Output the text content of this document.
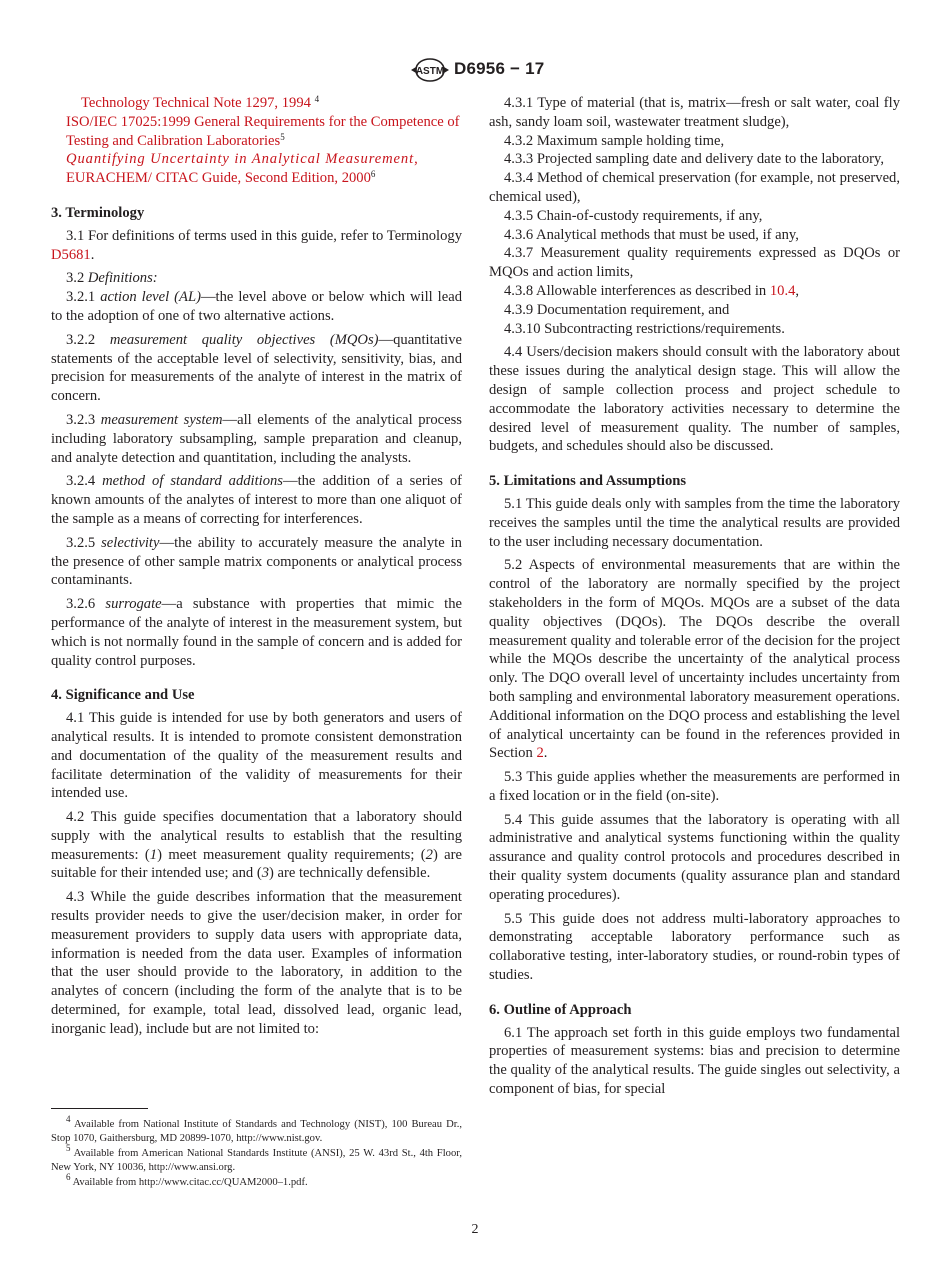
ASTM D6956 − 17

Technology Technical Note 1297, 1994 $^4$

ISO/IEC 17025:1999 General Requirements for the Competence of Testing and Calibration Laboratories$^5$

Quantifying Uncertainty in Analytical Measurement, EURACHEM/ CITAC Guide, Second Edition, 2000$^6$

3. Terminology

3.1 For definitions of terms used in this guide, refer to Terminology D5681.

3.2 Definitions:

3.2.1 action level (AL)—the level above or below which will lead to the adoption of one of two alternative actions.

3.2.2 measurement quality objectives (MQOs)—quantitative statements of the acceptable level of selectivity, sensitivity, bias, and precision for measurements of the analyte of interest in the matrix of concern.

3.2.3 measurement system—all elements of the analytical process including laboratory subsampling, sample preparation and cleanup, and analyte detection and quantitation, including the analysts.

3.2.4 method of standard additions—the addition of a series of known amounts of the analytes of interest to more than one aliquot of the sample as a means of correcting for interferences.

3.2.5 selectivity—the ability to accurately measure the analyte in the presence of other sample matrix components or analytical process contaminants.

3.2.6 surrogate—a substance with properties that mimic the performance of the analyte of interest in the measurement system, but which is not normally found in the sample of concern and is added for quality control purposes.

4. Significance and Use

4.1 This guide is intended for use by both generators and users of analytical results. It is intended to promote consistent demonstration and documentation of the quality of the measurement results and facilitate determination of the validity of measurements for their intended use.

4.2 This guide specifies documentation that a laboratory should supply with the analytical results to establish that the resulting measurements: (1) meet measurement quality requirements; (2) are suitable for their intended use; and (3) are technically defensible.

4.3 While the guide describes information that the measurement results provider needs to give the user/decision maker, in order for measurement providers to supply data users with appropriate data, information is needed from the data user. Examples of information that the user should provide to the laboratory, in addition to the analytes of concern (including the form of the analyte that is to be determined, for example, total lead, dissolved lead, organic lead, inorganic lead), include but are not limited to:

$^4$ Available from National Institute of Standards and Technology (NIST), 100 Bureau Dr., Stop 1070, Gaithersburg, MD 20899-1070, http://www.nist.gov.
$^5$ Available from American National Standards Institute (ANSI), 25 W. 43rd St., 4th Floor, New York, NY 10036, http://www.ansi.org.
$^6$ Available from http://www.citac.cc/QUAM2000–1.pdf.

4.3.1 Type of material (that is, matrix—fresh or salt water, coal fly ash, sandy loam soil, wastewater treatment sludge),

4.3.2 Maximum sample holding time,

4.3.3 Projected sampling date and delivery date to the laboratory,

4.3.4 Method of chemical preservation (for example, not preserved, chemical used),

4.3.5 Chain-of-custody requirements, if any,

4.3.6 Analytical methods that must be used, if any,

4.3.7 Measurement quality requirements expressed as DQOs or MQOs and action limits,

4.3.8 Allowable interferences as described in 10.4,

4.3.9 Documentation requirement, and

4.3.10 Subcontracting restrictions/requirements.

4.4 Users/decision makers should consult with the laboratory about these issues during the analytical design stage. This will allow the design of sample collection process and project schedule to accommodate the laboratory activities necessary to determine the desired level of measurement quality. The number of samples, budgets, and schedules should also be discussed.

5. Limitations and Assumptions

5.1 This guide deals only with samples from the time the laboratory receives the samples until the time the analytical results are provided to the user including necessary documentation.

5.2 Aspects of environmental measurements that are within the control of the laboratory are normally specified by the project stakeholders in the form of MQOs. MQOs are a subset of the data quality objectives (DQOs). The DQOs describe the overall measurement quality and tolerable error of the decision for the project while the MQOs describe the uncertainty of the analytical process only. The DQO overall level of uncertainty includes uncertainty from both sampling and environmental laboratory measurement operations. Additional information on the DQO process and establishing the level of analytical uncertainty can be found in the references provided in Section 2.

5.3 This guide applies whether the measurements are performed in a fixed location or in the field (on-site).

5.4 This guide assumes that the laboratory is operating with all administrative and analytical systems functioning within the quality assurance and quality control protocols and procedures described in their quality system documents (quality assurance plan and standard operating procedures).

5.5 This guide does not address multi-laboratory approaches to demonstrating acceptable laboratory performance such as collaborative testing, inter-laboratory studies, or round-robin types of studies.

6. Outline of Approach

6.1 The approach set forth in this guide employs two fundamental properties of measurement systems: bias and precision to determine the quality of the analytical results. The guide singles out selectivity, a component of bias, for special

2
